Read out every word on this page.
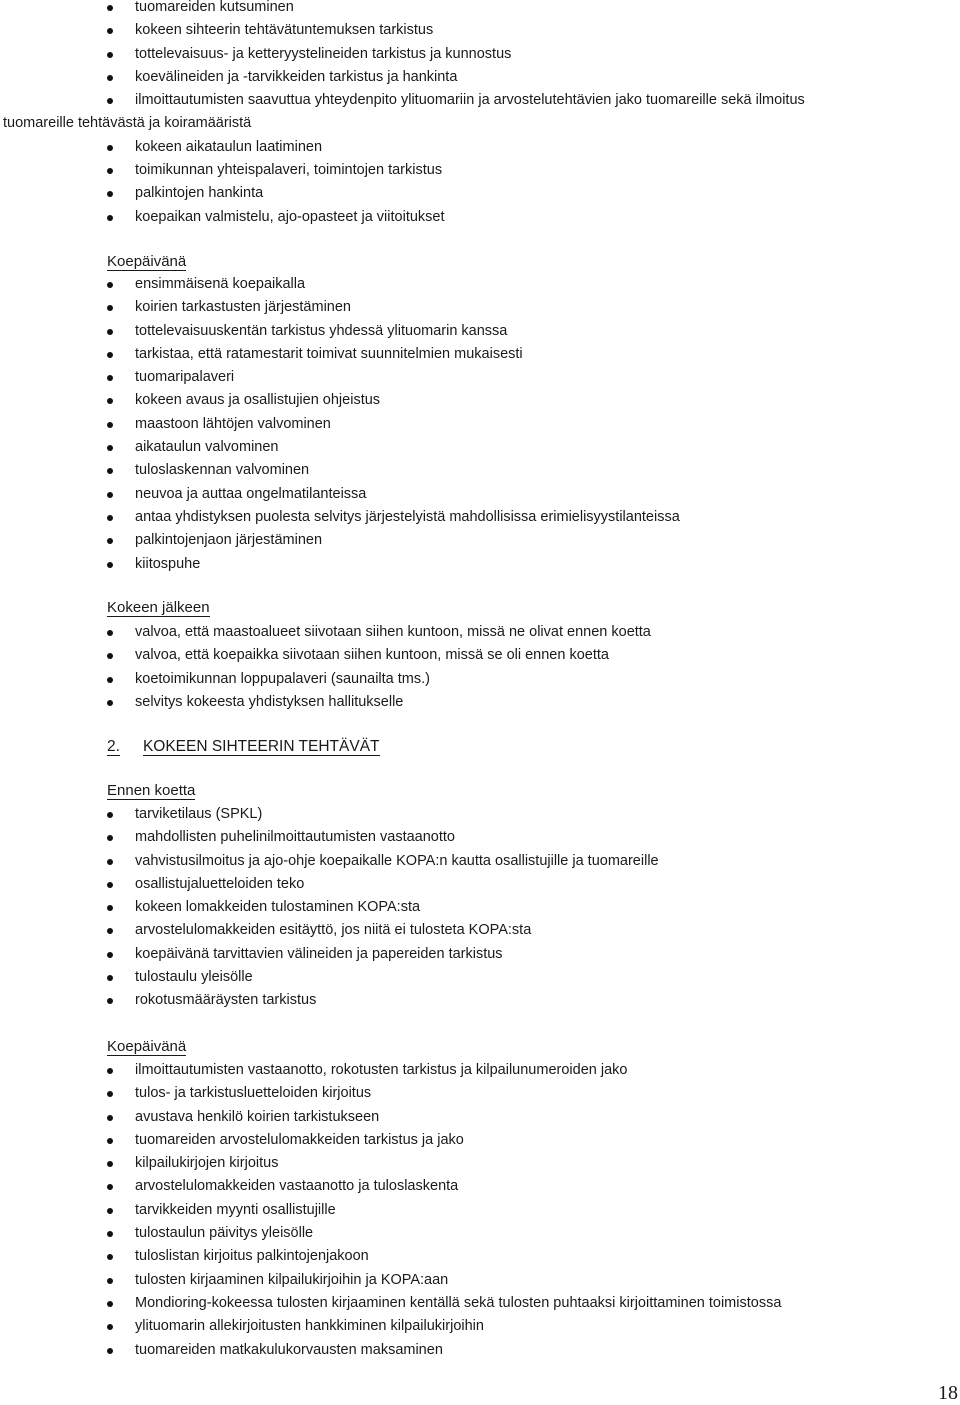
tuomareiden kutsuminen
kokeen sihteerin tehtävätuntemuksen tarkistus
tottelevaisuus- ja ketteryystelineiden tarkistus ja kunnostus
koevälineiden ja -tarvikkeiden tarkistus ja hankinta
ilmoittautumisten saavuttua yhteydenpito ylituomariin ja arvostelutehtävien jako tuomareille sekä ilmoitus
tuomareille tehtävästä ja koiramääristä
kokeen aikataulun laatiminen
toimikunnan yhteispalaveri, toimintojen tarkistus
palkintojen hankinta
koepaikan valmistelu, ajo-opasteet ja viitoitukset
Koepäivänä
ensimmäisenä koepaikalla
koirien tarkastusten järjestäminen
tottelevaisuuskentän tarkistus yhdessä ylituomarin kanssa
tarkistaa, että ratamestarit toimivat suunnitelmien mukaisesti
tuomaripalaveri
kokeen avaus ja osallistujien ohjeistus
maastoon lähtöjen valvominen
aikataulun valvominen
tuloslaskennan valvominen
neuvoa ja auttaa ongelmatilanteissa
antaa yhdistyksen puolesta selvitys järjestelyistä mahdollisissa erimielisyystilanteissa
palkintojenjaon järjestäminen
kiitospuhe
Kokeen jälkeen
valvoa, että maastoalueet siivotaan siihen kuntoon, missä ne olivat ennen koetta
valvoa, että koepaikka siivotaan siihen kuntoon, missä se oli ennen koetta
koetoimikunnan loppupalaveri (saunailta tms.)
selvitys kokeesta yhdistyksen hallitukselle
2. KOKEEN SIHTEERIN TEHTÄVÄT
Ennen koetta
tarviketilaus (SPKL)
mahdollisten puhelinilmoittautumisten vastaanotto
vahvistusilmoitus ja ajo-ohje koepaikalle KOPA:n kautta osallistujille ja tuomareille
osallistujaluetteloiden teko
kokeen lomakkeiden tulostaminen KOPA:sta
arvostelulomakkeiden esitäyttö, jos niitä ei tulosteta KOPA:sta
koepäivänä tarvittavien välineiden ja papereiden tarkistus
tulostaulu yleisölle
rokotusmääräysten tarkistus
Koepäivänä
ilmoittautumisten vastaanotto, rokotusten tarkistus ja kilpailunumeroiden jako
tulos- ja tarkistusluetteloiden kirjoitus
avustava henkilö koirien tarkistukseen
tuomareiden arvostelulomakkeiden tarkistus ja jako
kilpailukirjojen kirjoitus
arvostelulomakkeiden vastaanotto ja tuloslaskenta
tarvikkeiden myynti osallistujille
tulostaulun päivitys yleisölle
tuloslistan kirjoitus palkintojenjakoon
tulosten kirjaaminen kilpailukirjoihin ja KOPA:aan
Mondioring-kokeessa tulosten kirjaaminen kentällä sekä tulosten puhtaaksi kirjoittaminen toimistossa
ylituomarin allekirjoitusten hankkiminen kilpailukirjoihin
tuomareiden matkakulukorvausten maksaminen
18
